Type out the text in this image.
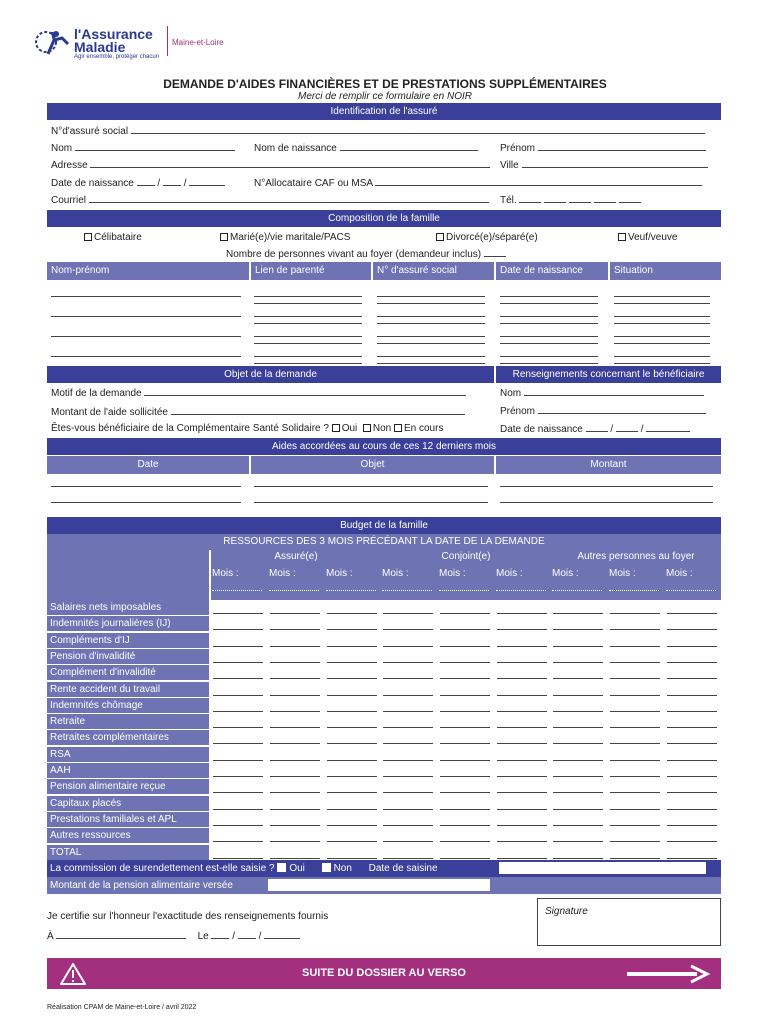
l'Assurance
Maladie
Agir ensemble, protéger chacun
Maine-et-Loire
DEMANDE D'AIDES FINANCIÈRES ET DE PRESTATIONS SUPPLÉMENTAIRES
Merci de remplir ce formulaire en NOIR
Identification de l'assuré
N°d'assuré social
Nom	Nom de naissance	Prénom
Adresse	Ville
Date de naissance / /	N°Allocataire CAF ou MSA
Courriel	Tél.
Composition de la famille
Célibataire	Marié(e)/vie maritale/PACS	Divorcé(e)/séparé(e)	Veuf/veuve
Nombre de personnes vivant au foyer (demandeur inclus)
Nom-prénom	Lien de parenté	N° d'assuré social	Date de naissance	Situation
Objet de la demande	Renseignements concernant le bénéficiaire
Motif de la demande
Montant de l'aide sollicitée
Êtes-vous bénéficiaire de la Complémentaire Santé Solidaire ? Oui Non En cours
Nom
Prénom
Date de naissance  /  /
Aides accordées au cours de ces 12 derniers mois
Date	Objet	Montant
Budget de la famille
RESSOURCES DES 3 MOIS PRÉCÉDANT LA DATE DE LA DEMANDE
Assuré(e)	Conjoint(e)	Autres personnes au foyer
Mois :	Mois :	Mois :	Mois :	Mois :	Mois :	Mois :	Mois :	Mois :
Salaires nets imposables
Indemnités journalières (IJ)
Compléments d'IJ
Pension d'invalidité
Complément d'invalidité
Rente accident du travail
Indemnités chômage
Retraite
Retraites complémentaires
RSA
AAH
Pension alimentaire reçue
Capitaux placés
Prestations familiales et APL
Autres ressources
TOTAL
La commission de surendettement est-elle saisie ? Oui	Non Date de saisine
Montant de la pension alimentaire versée
Je certifie sur l'honneur l'exactitude des renseignements fournis
À	Le / /
Signature
SUITE DU DOSSIER AU VERSO
Réalisation CPAM de Maine-et-Loire / avril 2022
